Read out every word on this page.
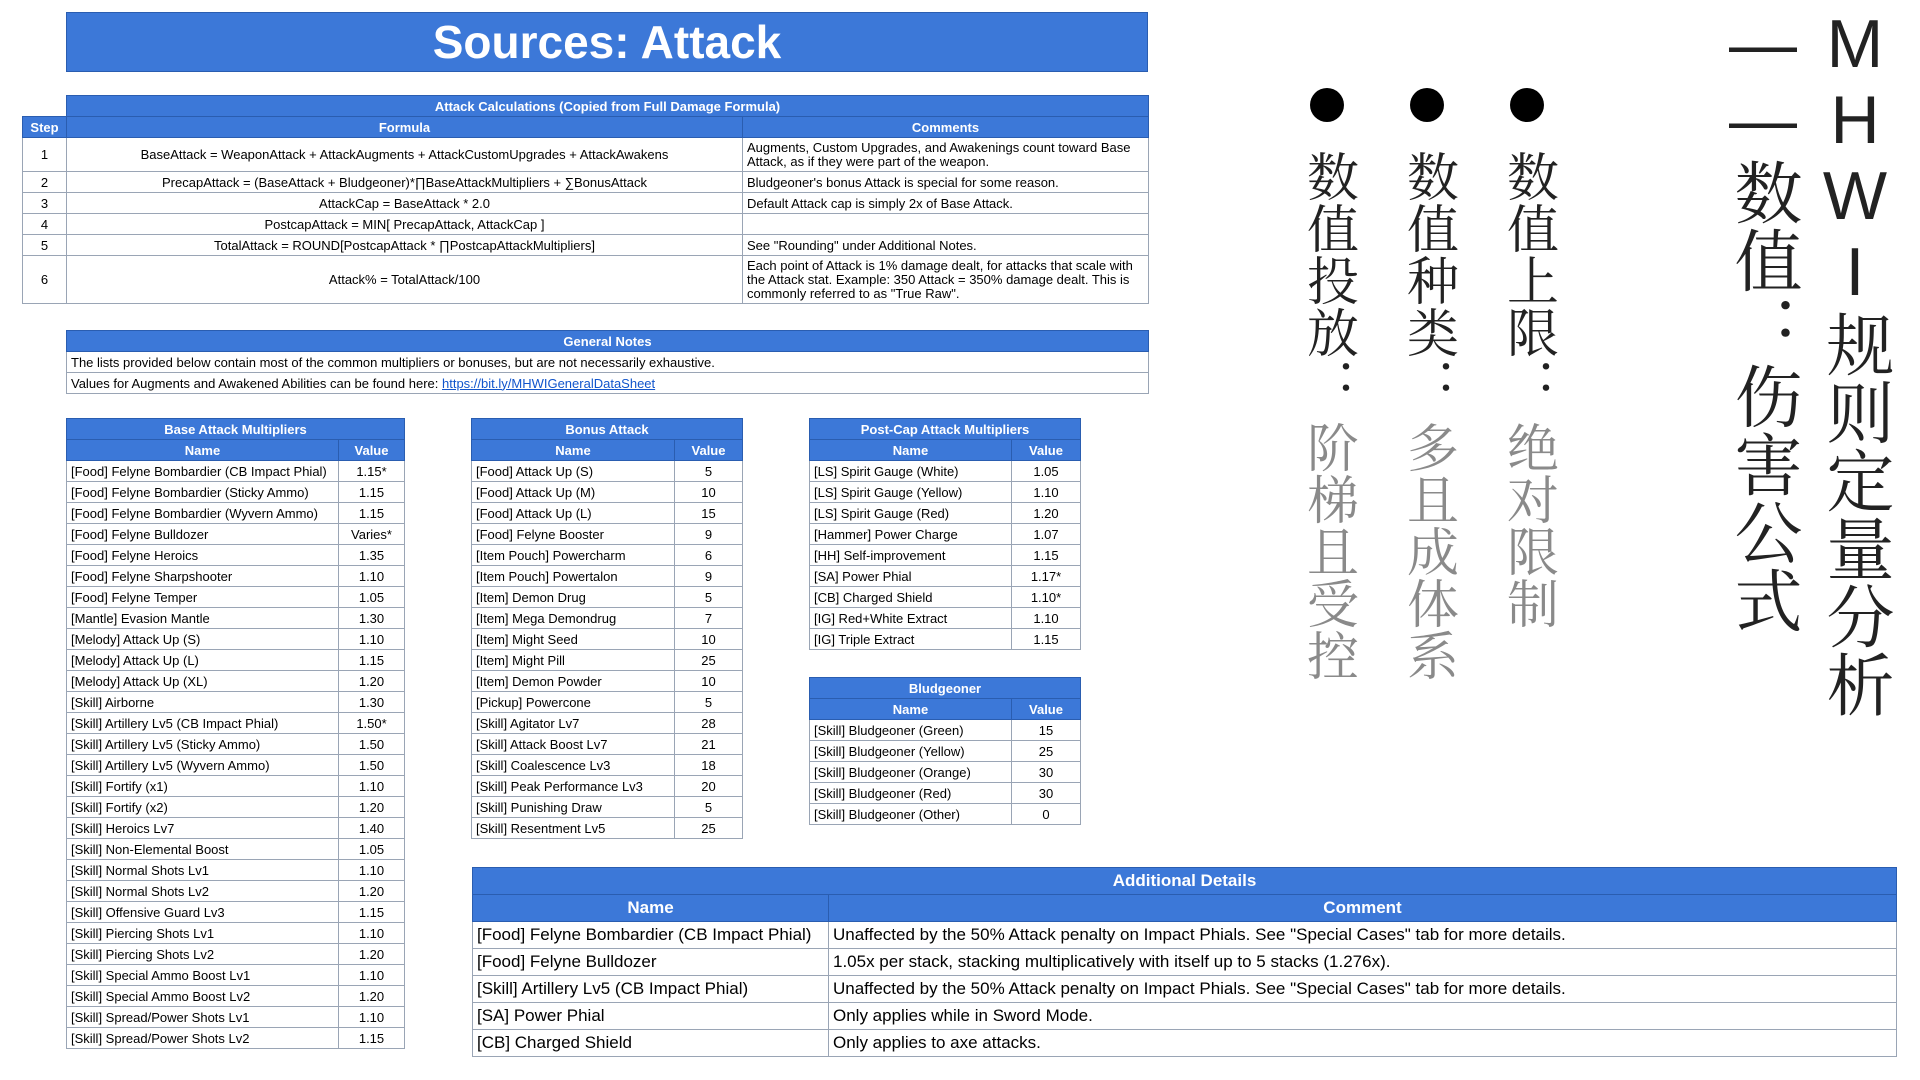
Sources: Attack
	Attack Calculations (Copied from Full Damage Formula)	
Step	Formula	Comments
1	BaseAttack = WeaponAttack + AttackAugments + AttackCustomUpgrades + AttackAwakens	Augments, Custom Upgrades, and Awakenings count toward Base Attack, as if they were part of the weapon.
2	PrecapAttack = (BaseAttack + Bludgeoner)*∏BaseAttackMultipliers + ∑BonusAttack	Bludgeoner's bonus Attack is special for some reason.
3	AttackCap = BaseAttack * 2.0	Default Attack cap is simply 2x of Base Attack.
4	PostcapAttack = MIN[ PrecapAttack, AttackCap ]	
5	TotalAttack = ROUND[PostcapAttack * ∏PostcapAttackMultipliers]	See "Rounding" under Additional Notes.
6	Attack% = TotalAttack/100	Each point of Attack is 1% damage dealt, for attacks that scale with the Attack stat. Example: 350 Attack = 350% damage dealt. This is commonly referred to as "True Raw".
General Notes
The lists provided below contain most of the common multipliers or bonuses, but are not necessarily exhaustive.
Values for Augments and Awakened Abilities can be found here: https://bit.ly/MHWIGeneralDataSheet
Base Attack Multipliers	
Name	Value
[Food] Felyne Bombardier (CB Impact Phial)	1.15*
[Food] Felyne Bombardier (Sticky Ammo)	1.15
[Food] Felyne Bombardier (Wyvern Ammo)	1.15
[Food] Felyne Bulldozer	Varies*
[Food] Felyne Heroics	1.35
[Food] Felyne Sharpshooter	1.10
[Food] Felyne Temper	1.05
[Mantle] Evasion Mantle	1.30
[Melody] Attack Up (S)	1.10
[Melody] Attack Up (L)	1.15
[Melody] Attack Up (XL)	1.20
[Skill] Airborne	1.30
[Skill] Artillery Lv5 (CB Impact Phial)	1.50*
[Skill] Artillery Lv5 (Sticky Ammo)	1.50
[Skill] Artillery Lv5 (Wyvern Ammo)	1.50
[Skill] Fortify (x1)	1.10
[Skill] Fortify (x2)	1.20
[Skill] Heroics Lv7	1.40
[Skill] Non-Elemental Boost	1.05
[Skill] Normal Shots Lv1	1.10
[Skill] Normal Shots Lv2	1.20
[Skill] Offensive Guard Lv3	1.15
[Skill] Piercing Shots Lv1	1.10
[Skill] Piercing Shots Lv2	1.20
[Skill] Special Ammo Boost Lv1	1.10
[Skill] Special Ammo Boost Lv2	1.20
[Skill] Spread/Power Shots Lv1	1.10
[Skill] Spread/Power Shots Lv2	1.15
Bonus Attack	
Name	Value
[Food] Attack Up (S)	5
[Food] Attack Up (M)	10
[Food] Attack Up (L)	15
[Food] Felyne Booster	9
[Item Pouch] Powercharm	6
[Item Pouch] Powertalon	9
[Item] Demon Drug	5
[Item] Mega Demondrug	7
[Item] Might Seed	10
[Item] Might Pill	25
[Item] Demon Powder	10
[Pickup] Powercone	5
[Skill] Agitator Lv7	28
[Skill] Attack Boost Lv7	21
[Skill] Coalescence Lv3	18
[Skill] Peak Performance Lv3	20
[Skill] Punishing Draw	5
[Skill] Resentment Lv5	25
Post-Cap Attack Multipliers	
Name	Value
[LS] Spirit Gauge (White)	1.05
[LS] Spirit Gauge (Yellow)	1.10
[LS] Spirit Gauge (Red)	1.20
[Hammer] Power Charge	1.07
[HH] Self-improvement	1.15
[SA] Power Phial	1.17*
[CB] Charged Shield	1.10*
[IG] Red+White Extract	1.10
[IG] Triple Extract	1.15
Bludgeoner	
Name	Value
[Skill] Bludgeoner (Green)	15
[Skill] Bludgeoner (Yellow)	25
[Skill] Bludgeoner (Orange)	30
[Skill] Bludgeoner (Red)	30
[Skill] Bludgeoner (Other)	0
Additional Details	
Name	Comment
[Food] Felyne Bombardier (CB Impact Phial)	Unaffected by the 50% Attack penalty on Impact Phials. See "Special Cases" tab for more details.
[Food] Felyne Bulldozer	1.05x per stack, stacking multiplicatively with itself up to 5 stacks (1.276x).
[Skill] Artillery Lv5 (CB Impact Phial)	Unaffected by the 50% Attack penalty on Impact Phials. See "Special Cases" tab for more details.
[SA] Power Phial	Only applies while in Sword Mode.
[CB] Charged Shield	Only applies to axe attacks.
MHWI规则定量分析
——数值：伤害公式
数值上限： 绝对限制
数值种类： 多且成体系
数值投放： 阶梯且受控
